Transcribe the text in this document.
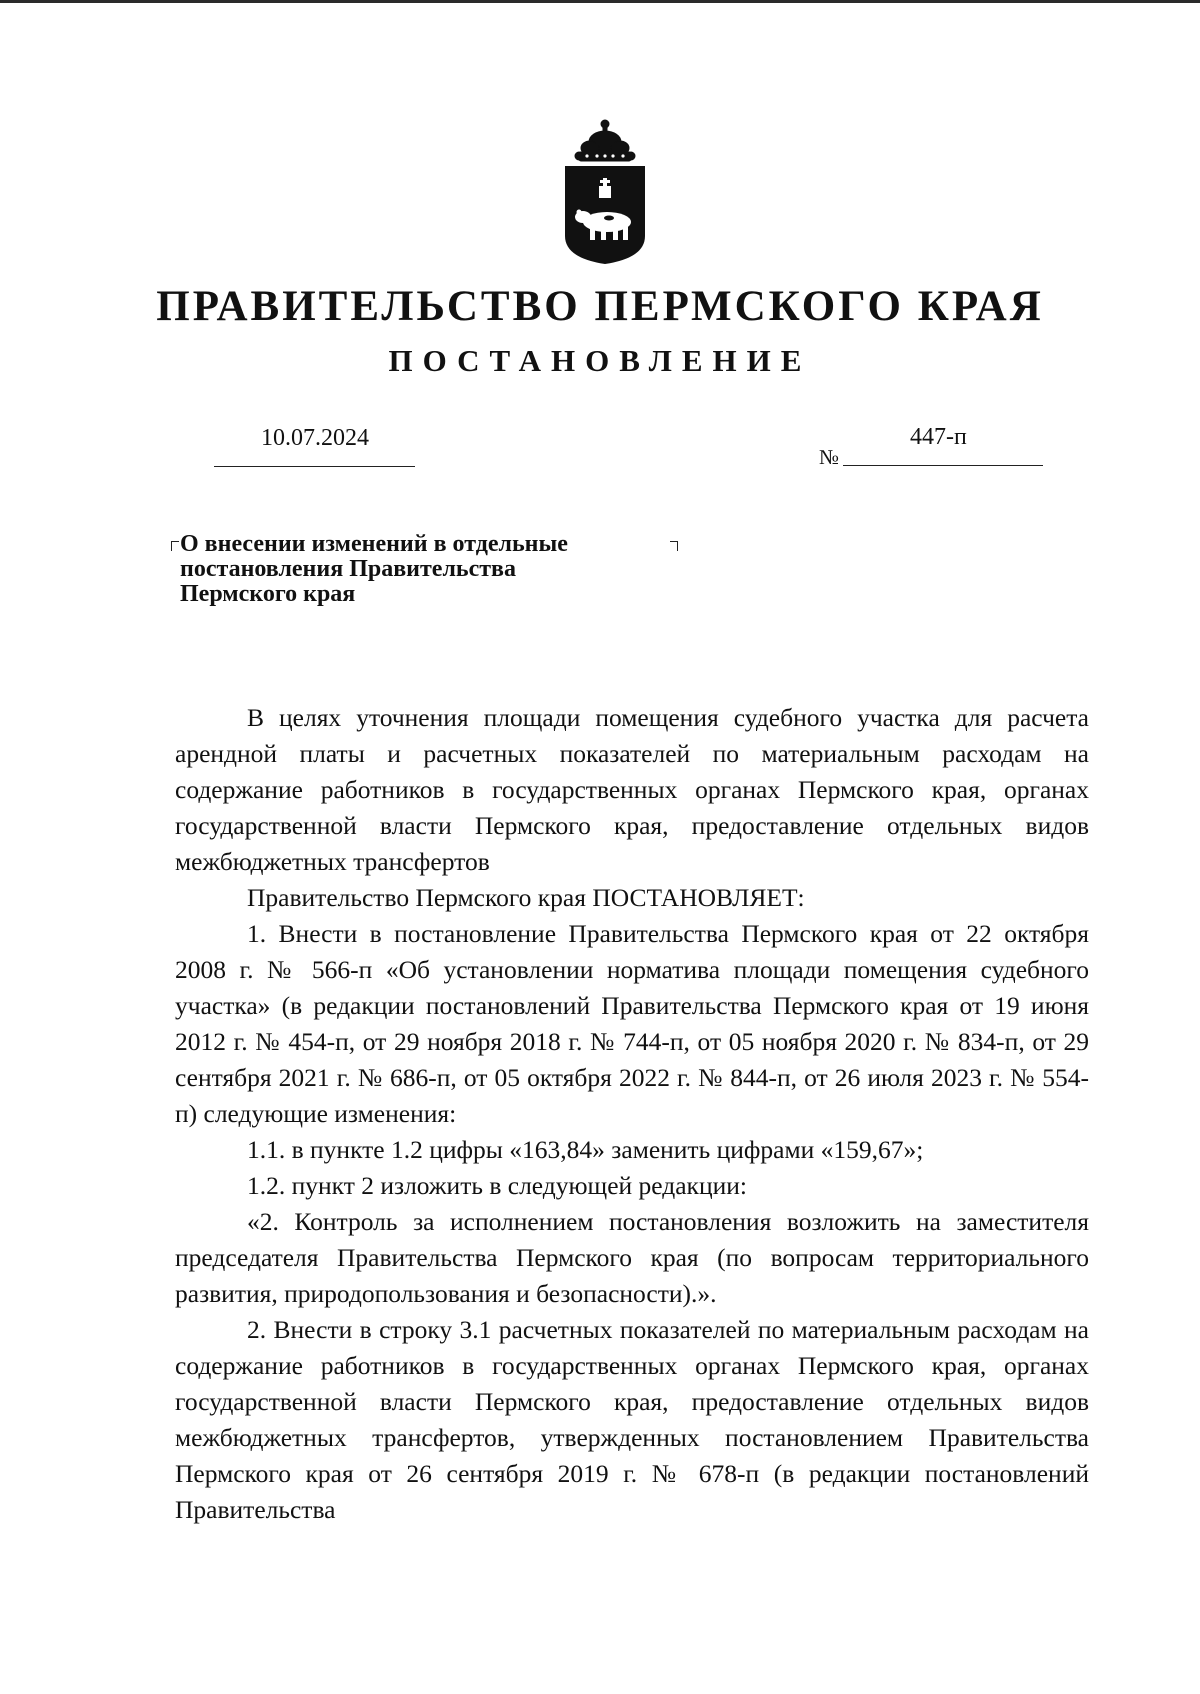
ПРАВИТЕЛЬСТВО ПЕРМСКОГО КРАЯ
ПОСТАНОВЛЕНИЕ
10.07.2024
№
447-п
О внесении изменений в отдельные
постановления Правительства
Пермского края

В целях уточнения площади помещения судебного участка для расчета арендной платы и расчетных показателей по материальным расходам на содержание работников в государственных органах Пермского края, органах государственной власти Пермского края, предоставление отдельных видов межбюджетных трансфертов

Правительство Пермского края ПОСТАНОВЛЯЕТ:

1. Внести в постановление Правительства Пермского края от 22 октября 2008 г. № 566-п «Об установлении норматива площади помещения судебного участка» (в редакции постановлений Правительства Пермского края от 19 июня 2012 г. № 454-п, от 29 ноября 2018 г. № 744-п, от 05 ноября 2020 г. № 834-п, от 29 сентября 2021 г. № 686-п, от 05 октября 2022 г. № 844-п, от 26 июля 2023 г. № 554-п) следующие изменения:

1.1. в пункте 1.2 цифры «163,84» заменить цифрами «159,67»;

1.2. пункт 2 изложить в следующей редакции:

«2. Контроль за исполнением постановления возложить на заместителя председателя Правительства Пермского края (по вопросам территориального развития, природопользования и безопасности).».

2. Внести в строку 3.1 расчетных показателей по материальным расходам на содержание работников в государственных органах Пермского края, органах государственной власти Пермского края, предоставление отдельных видов межбюджетных трансфертов, утвержденных постановлением Правительства Пермского края от 26 сентября 2019 г. № 678-п (в редакции постановлений Правительства
